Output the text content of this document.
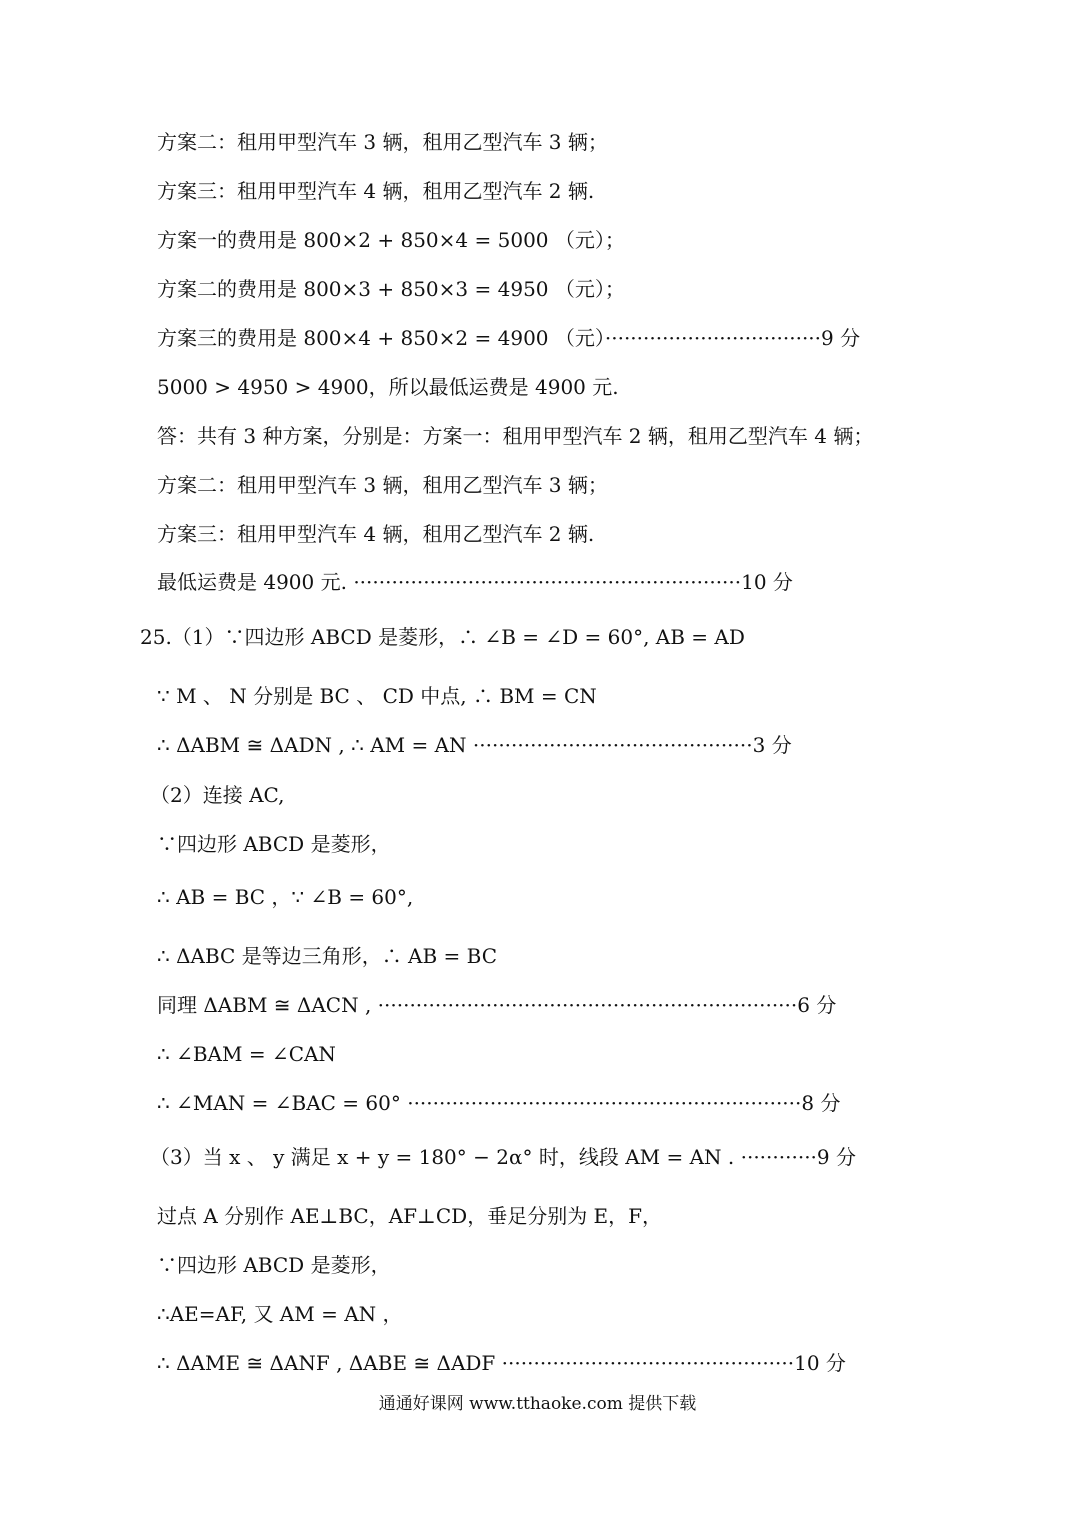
方案二：租用甲型汽车 3 辆，租用乙型汽车 3 辆；
方案三：租用甲型汽车 4 辆，租用乙型汽车 2 辆.
方案一的费用是 800×2 + 850×4 = 5000 （元）；
方案二的费用是 800×3 + 850×3 = 4950 （元）；
方案三的费用是 800×4 + 850×2 = 4900 （元）··································9 分
5000 > 4950 > 4900，所以最低运费是 4900 元.
答：共有 3 种方案，分别是：方案一：租用甲型汽车 2 辆，租用乙型汽车 4 辆；
方案二：租用甲型汽车 3 辆，租用乙型汽车 3 辆；
方案三：租用甲型汽车 4 辆，租用乙型汽车 2 辆.
最低运费是 4900 元. ·····························································10 分
25.（1）∵四边形 ABCD 是菱形，∴ ∠B = ∠D = 60°, AB = AD
∵ M 、 N 分别是 BC 、 CD 中点, ∴ BM = CN
∴ ΔABM ≅ ΔADN , ∴ AM = AN ············································3 分
（2）连接 AC,
∵四边形 ABCD 是菱形，
∴ AB = BC ，∵ ∠B = 60°,
∴ ΔABC 是等边三角形，∴ AB = BC
同理 ΔABM ≅ ΔACN , ··································································6 分
∴ ∠BAM = ∠CAN
∴ ∠MAN = ∠BAC = 60° ······························································8 分
（3）当 x 、 y 满足 x + y = 180° − 2α° 时，线段 AM = AN . ············9 分
过点 A 分别作 AE⊥BC，AF⊥CD，垂足分别为 E，F，
∵四边形 ABCD 是菱形，
∴AE=AF, 又 AM = AN ，
∴ ΔAME ≅ ΔANF , ΔABE ≅ ΔADF ··············································10 分
通通好课网 www.tthaoke.com 提供下载
